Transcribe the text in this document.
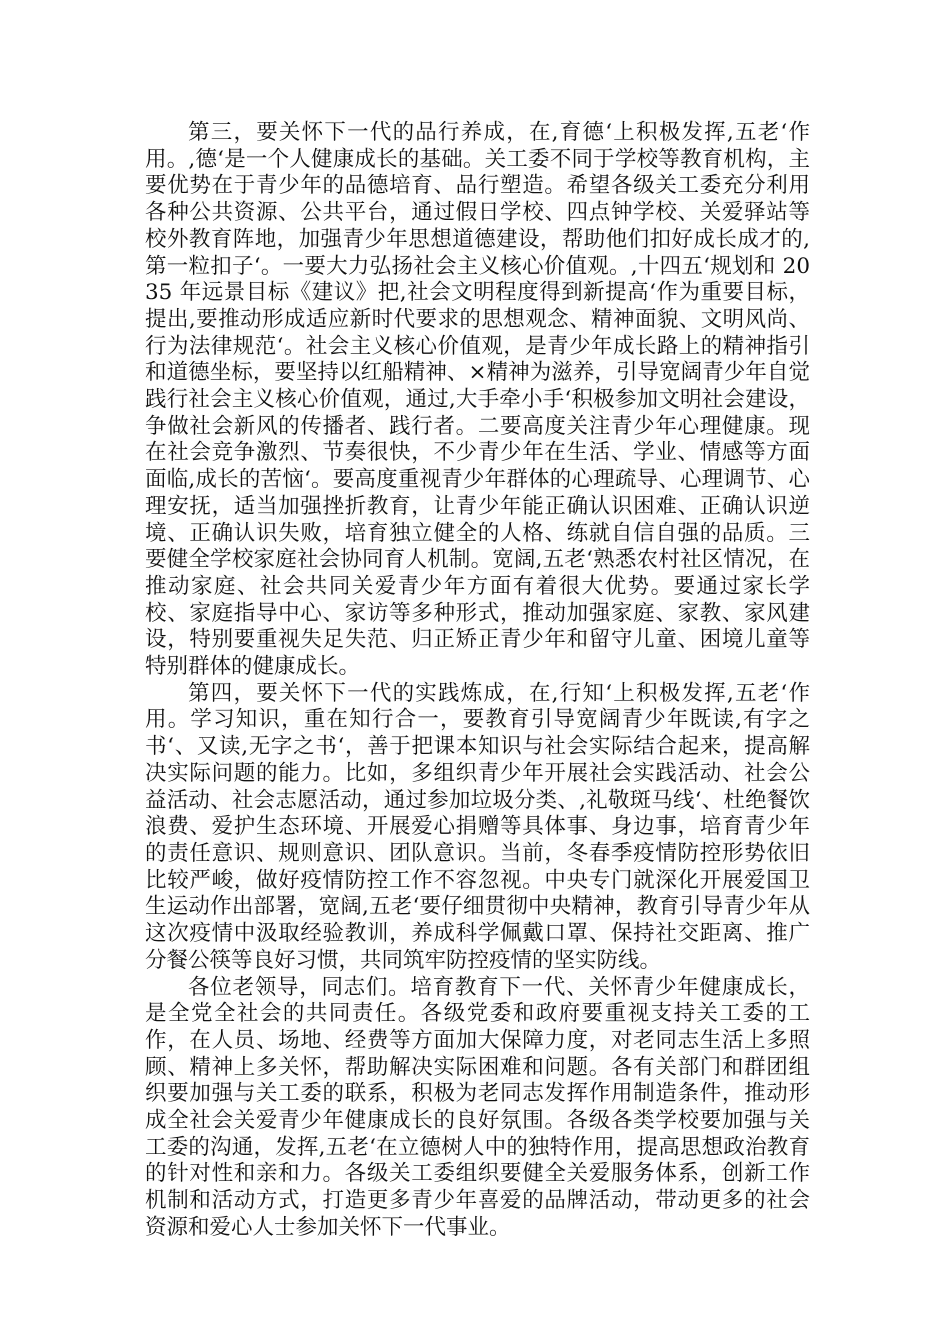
第三，要关怀下一代的品行养成，在,育德‘上积极发挥,五老‘作用。,德‘是一个人健康成长的基础。关工委不同于学校等教育机构，主要优势在于青少年的品德培育、品行塑造。希望各级关工委充分利用各种公共资源、公共平台，通过假日学校、四点钟学校、关爱驿站等校外教育阵地，加强青少年思想道德建设，帮助他们扣好成长成才的,第一粒扣子‘。一要大力弘扬社会主义核心价值观。,十四五‘规划和 2035 年远景目标《建议》把,社会文明程度得到新提高‘作为重要目标，提出,要推动形成适应新时代要求的思想观念、精神面貌、文明风尚、行为法律规范‘。社会主义核心价值观，是青少年成长路上的精神指引和道德坐标，要坚持以红船精神、×精神为滋养，引导宽阔青少年自觉践行社会主义核心价值观，通过,大手牵小手‘积极参加文明社会建设，争做社会新风的传播者、践行者。二要高度关注青少年心理健康。现在社会竞争激烈、节奏很快，不少青少年在生活、学业、情感等方面面临,成长的苦恼‘。要高度重视青少年群体的心理疏导、心理调节、心理安抚，适当加强挫折教育，让青少年能正确认识困难、正确认识逆境、正确认识失败，培育独立健全的人格、练就自信自强的品质。三要健全学校家庭社会协同育人机制。宽阔,五老‘熟悉农村社区情况，在推动家庭、社会共同关爱青少年方面有着很大优势。要通过家长学校、家庭指导中心、家访等多种形式，推动加强家庭、家教、家风建设，特别要重视失足失范、归正矫正青少年和留守儿童、困境儿童等特别群体的健康成长。

第四，要关怀下一代的实践炼成，在,行知‘上积极发挥,五老‘作用。学习知识，重在知行合一，要教育引导宽阔青少年既读,有字之书‘、又读,无字之书‘，善于把课本知识与社会实际结合起来，提高解决实际问题的能力。比如，多组织青少年开展社会实践活动、社会公益活动、社会志愿活动，通过参加垃圾分类、,礼敬斑马线‘、杜绝餐饮浪费、爱护生态环境、开展爱心捐赠等具体事、身边事，培育青少年的责任意识、规则意识、团队意识。当前，冬春季疫情防控形势依旧比较严峻，做好疫情防控工作不容忽视。中央专门就深化开展爱国卫生运动作出部署，宽阔,五老‘要仔细贯彻中央精神，教育引导青少年从这次疫情中汲取经验教训，养成科学佩戴口罩、保持社交距离、推广分餐公筷等良好习惯，共同筑牢防控疫情的坚实防线。

各位老领导，同志们。培育教育下一代、关怀青少年健康成长，是全党全社会的共同责任。各级党委和政府要重视支持关工委的工作，在人员、场地、经费等方面加大保障力度，对老同志生活上多照顾、精神上多关怀，帮助解决实际困难和问题。各有关部门和群团组织要加强与关工委的联系，积极为老同志发挥作用制造条件，推动形成全社会关爱青少年健康成长的良好氛围。各级各类学校要加强与关工委的沟通，发挥,五老‘在立德树人中的独特作用，提高思想政治教育的针对性和亲和力。各级关工委组织要健全关爱服务体系，创新工作机制和活动方式，打造更多青少年喜爱的品牌活动，带动更多的社会资源和爱心人士参加关怀下一代事业。
